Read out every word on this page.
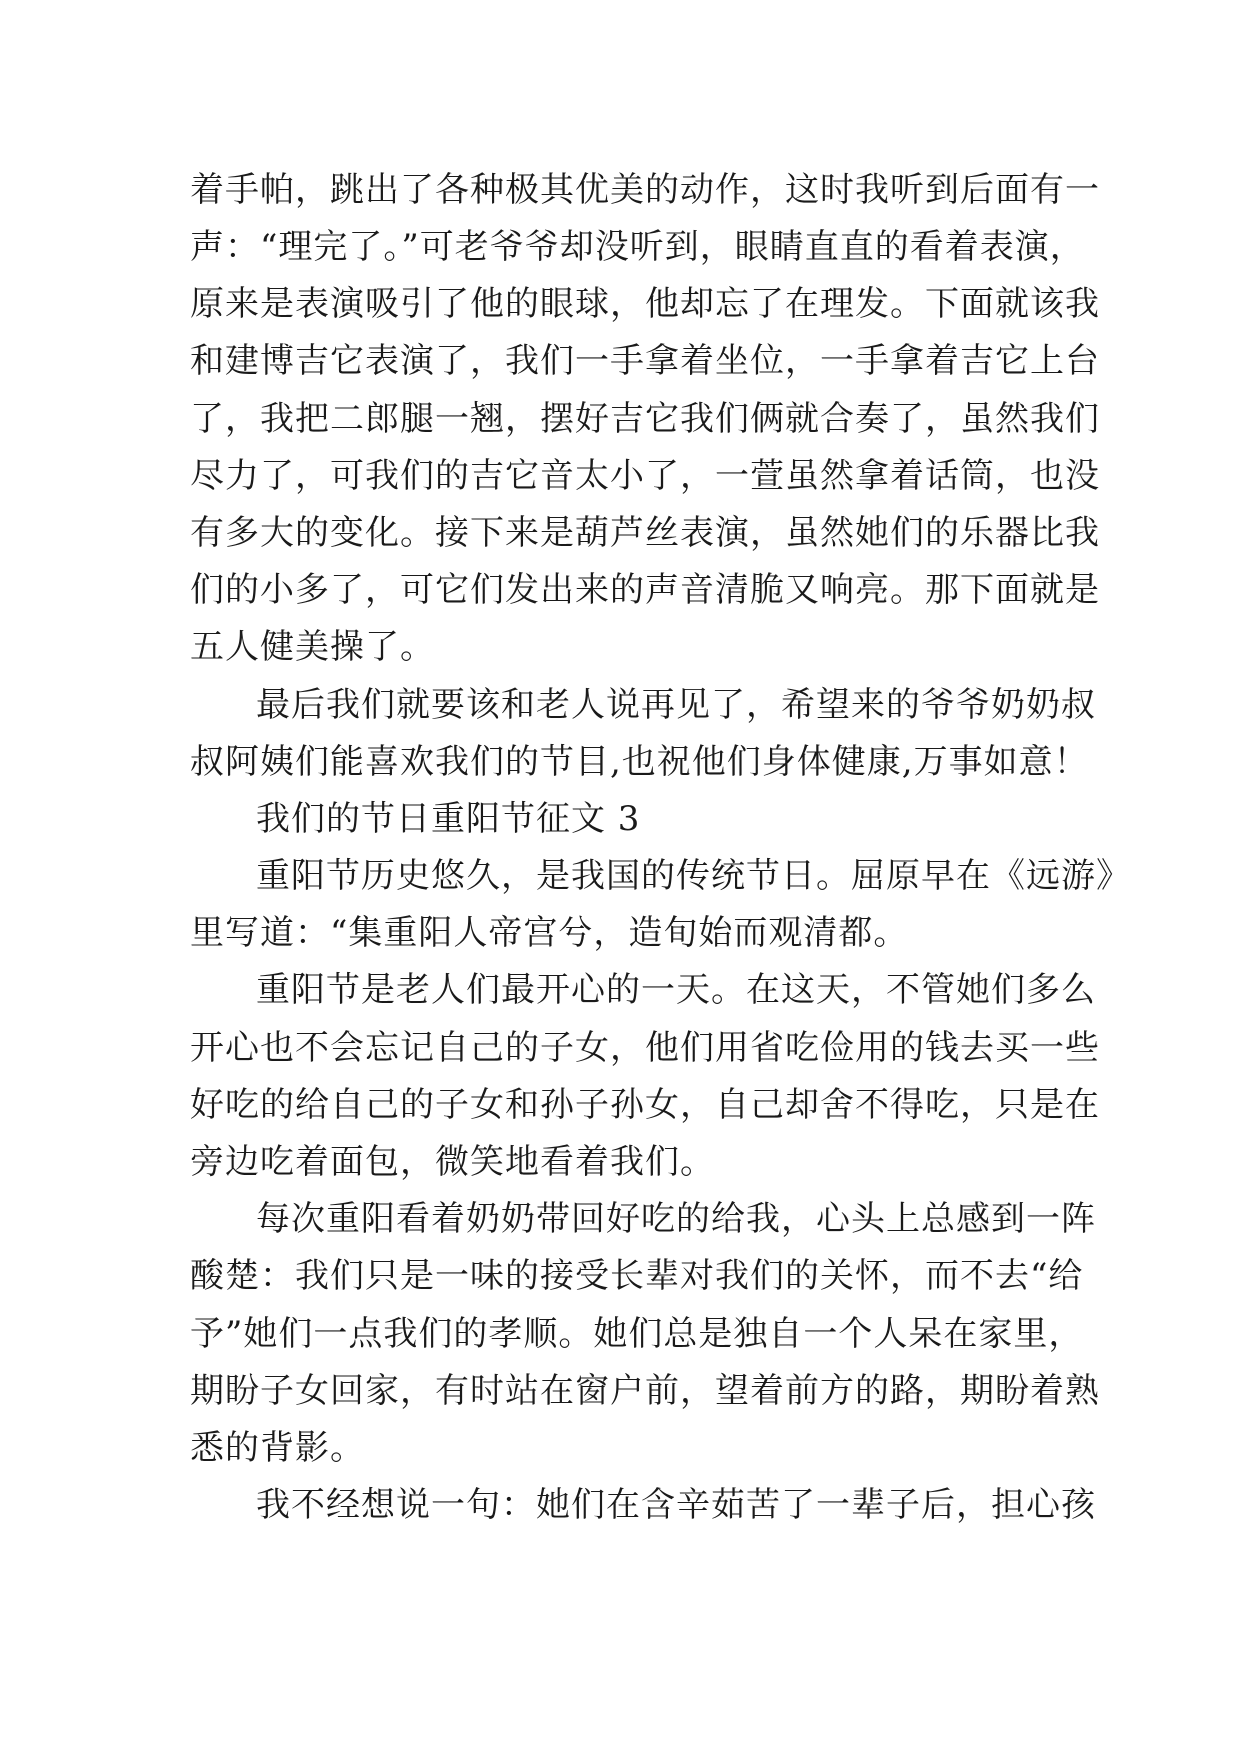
着手帕，跳出了各种极其优美的动作，这时我听到后面有一
声：“理完了。”可老爷爷却没听到，眼睛直直的看着表演，
原来是表演吸引了他的眼球，他却忘了在理发。下面就该我
和建博吉它表演了，我们一手拿着坐位，一手拿着吉它上台
了，我把二郎腿一翘，摆好吉它我们俩就合奏了，虽然我们
尽力了，可我们的吉它音太小了，一萱虽然拿着话筒，也没
有多大的变化。接下来是葫芦丝表演，虽然她们的乐器比我
们的小多了，可它们发出来的声音清脆又响亮。那下面就是
五人健美操了。
最后我们就要该和老人说再见了，希望来的爷爷奶奶叔
叔阿姨们能喜欢我们的节目,也祝他们身体健康,万事如意！
我们的节日重阳节征文 3
重阳节历史悠久，是我国的传统节日。屈原早在《远游》
里写道：“集重阳人帝宫兮，造旬始而观清都。
重阳节是老人们最开心的一天。在这天，不管她们多么
开心也不会忘记自己的子女，他们用省吃俭用的钱去买一些
好吃的给自己的子女和孙子孙女，自己却舍不得吃，只是在
旁边吃着面包，微笑地看着我们。
每次重阳看着奶奶带回好吃的给我，心头上总感到一阵
酸楚：我们只是一味的接受长辈对我们的关怀，而不去“给
予”她们一点我们的孝顺。她们总是独自一个人呆在家里，
期盼子女回家，有时站在窗户前，望着前方的路，期盼着熟
悉的背影。
我不经想说一句：她们在含辛茹苦了一辈子后，担心孩
